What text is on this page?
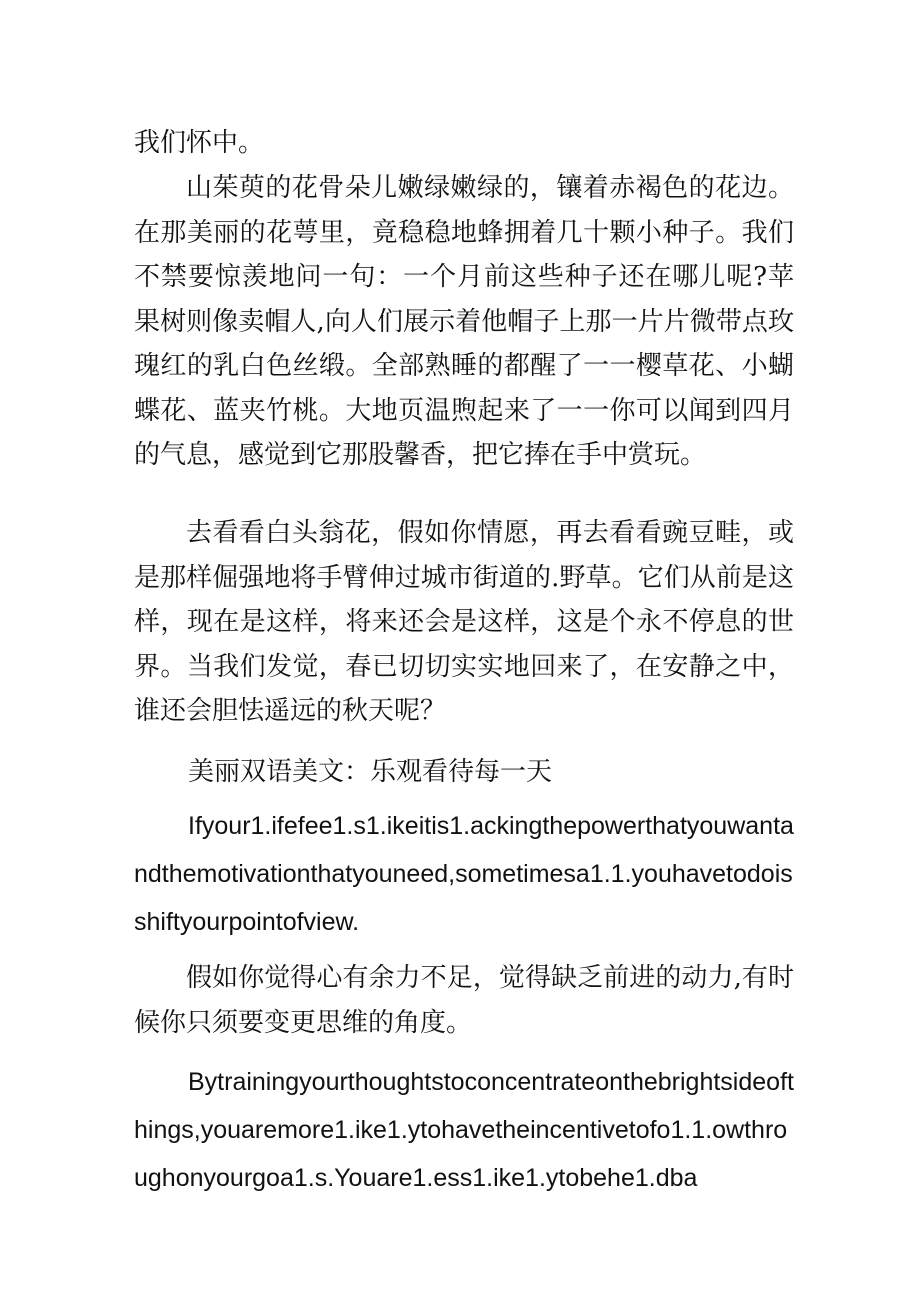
我们怀中。

山茱萸的花骨朵儿嫩绿嫩绿的，镶着赤褐色的花边。在那美丽的花萼里，竟稳稳地蜂拥着几十颗小种子。我们不禁要惊羡地问一句：一个月前这些种子还在哪儿呢?苹果树则像卖帽人,向人们展示着他帽子上那一片片微带点玫瑰红的乳白色丝缎。全部熟睡的都醒了一一樱草花、小蝴蝶花、蓝夹竹桃。大地页温煦起来了一一你可以闻到四月的气息，感觉到它那股馨香，把它捧在手中赏玩。

去看看白头翁花，假如你情愿，再去看看豌豆畦，或是那样倔强地将手臂伸过城市街道的.野草。它们从前是这样，现在是这样，将来还会是这样，这是个永不停息的世界。当我们发觉，春已切切实实地回来了，在安静之中，谁还会胆怯遥远的秋天呢？

美丽双语美文：乐观看待每一天

Ifyour1.ifefee1.s1.ikeitis1.ackingthepowerthatyouwantandthemotivationthatyouneed,sometimesa1.1.youhavetodoisshiftyourpointofview.

假如你觉得心有余力不足，觉得缺乏前进的动力,有时候你只须要变更思维的角度。

Bytrainingyourthoughtstoconcentrateonthebrightsideofthings,youaremore1.ike1.ytohavetheincentivetofo1.1.owthroughonyourgoa1.s.Youare1.ess1.ike1.ytobehe1.dba
